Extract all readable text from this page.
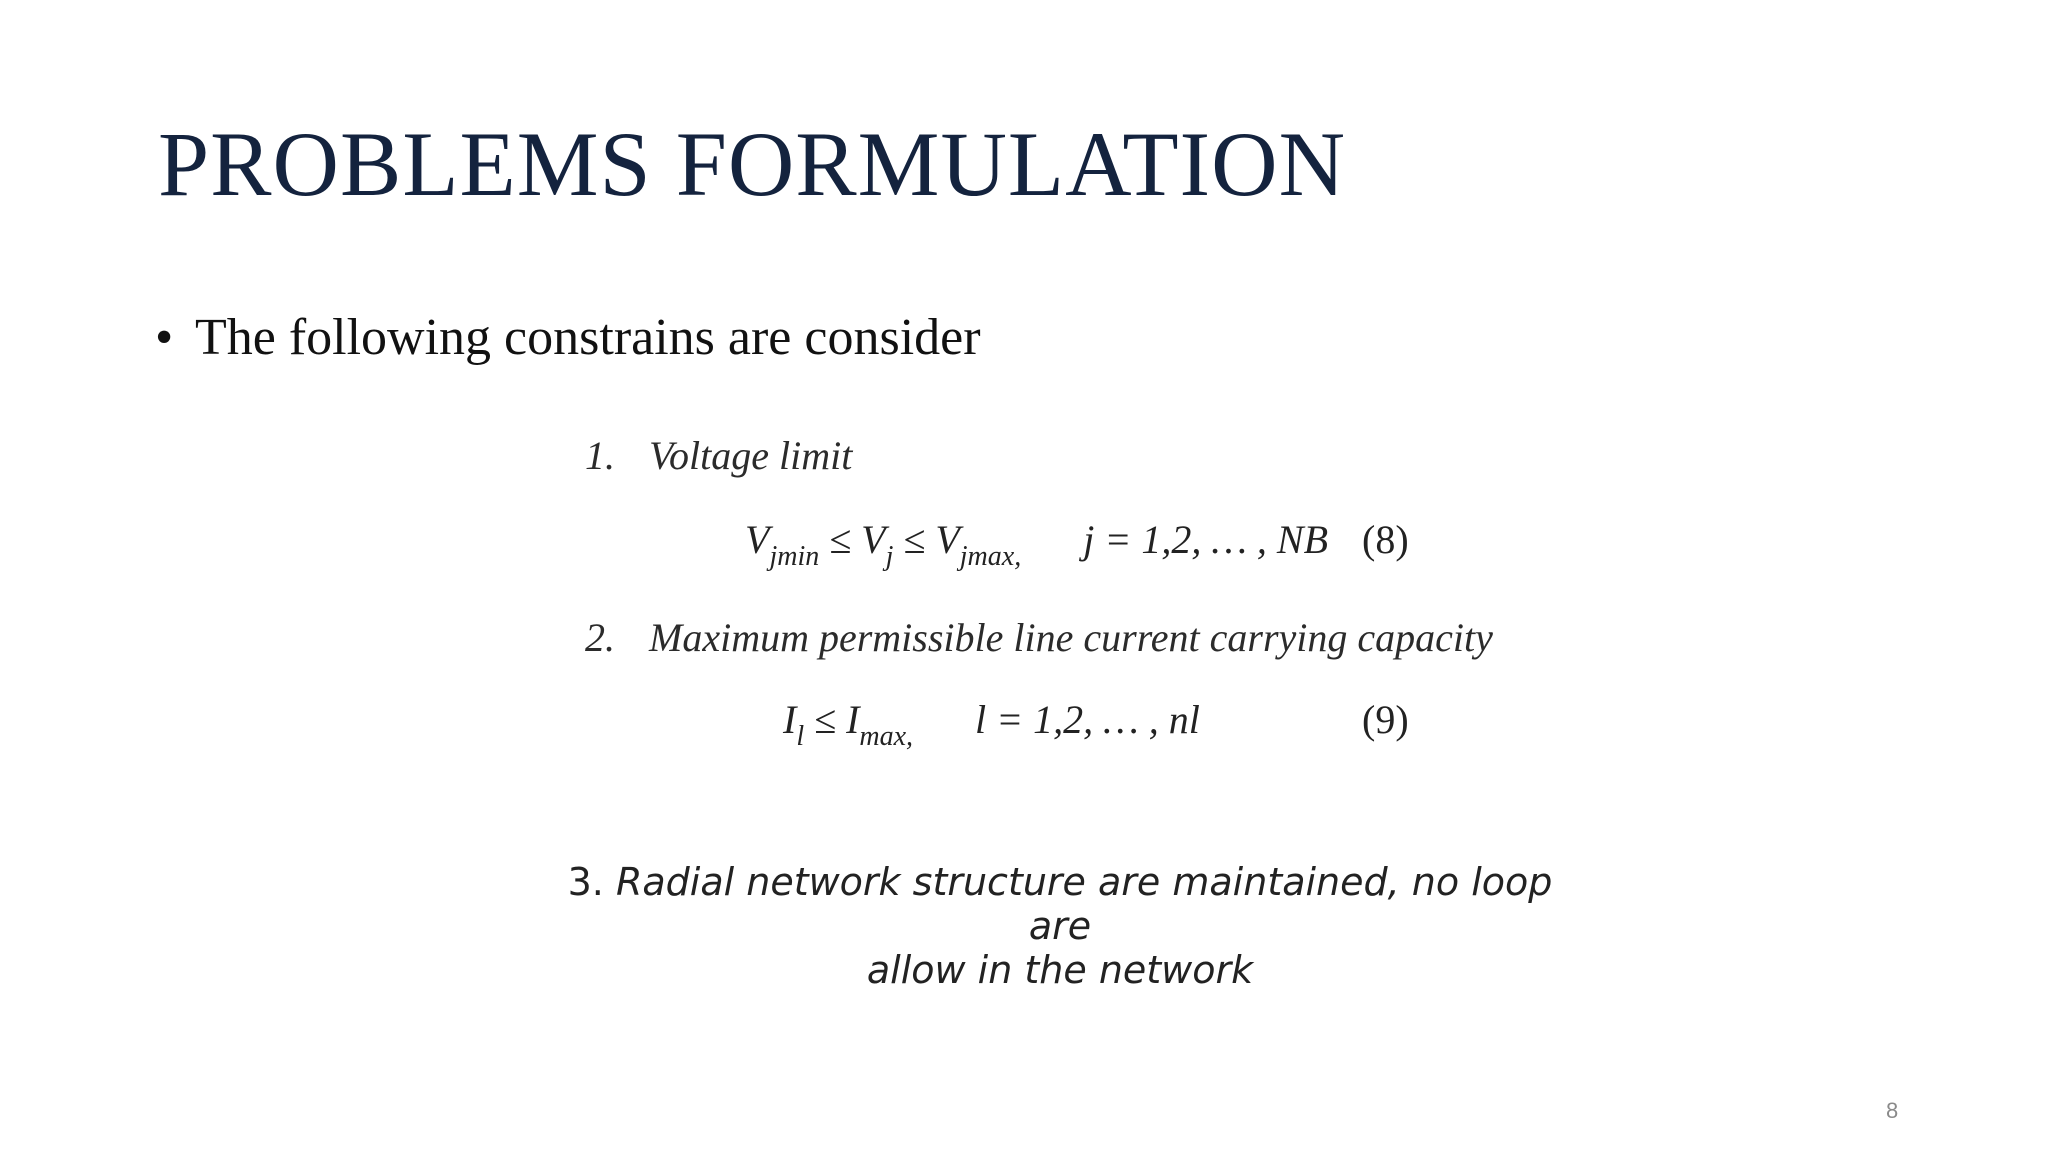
PROBLEMS FORMULATION
• The following constrains are consider
1. Voltage limit
$V_{jmin} \le V_j \le V_{jmax,}$ j = 1,2, … , NB (8)
2. Maximum permissible line current carrying capacity
$I_l \le I_{max,}$ l = 1,2, … , nl	(9)
3. Radial network structure are maintained, no loop are
allow in the network
8
